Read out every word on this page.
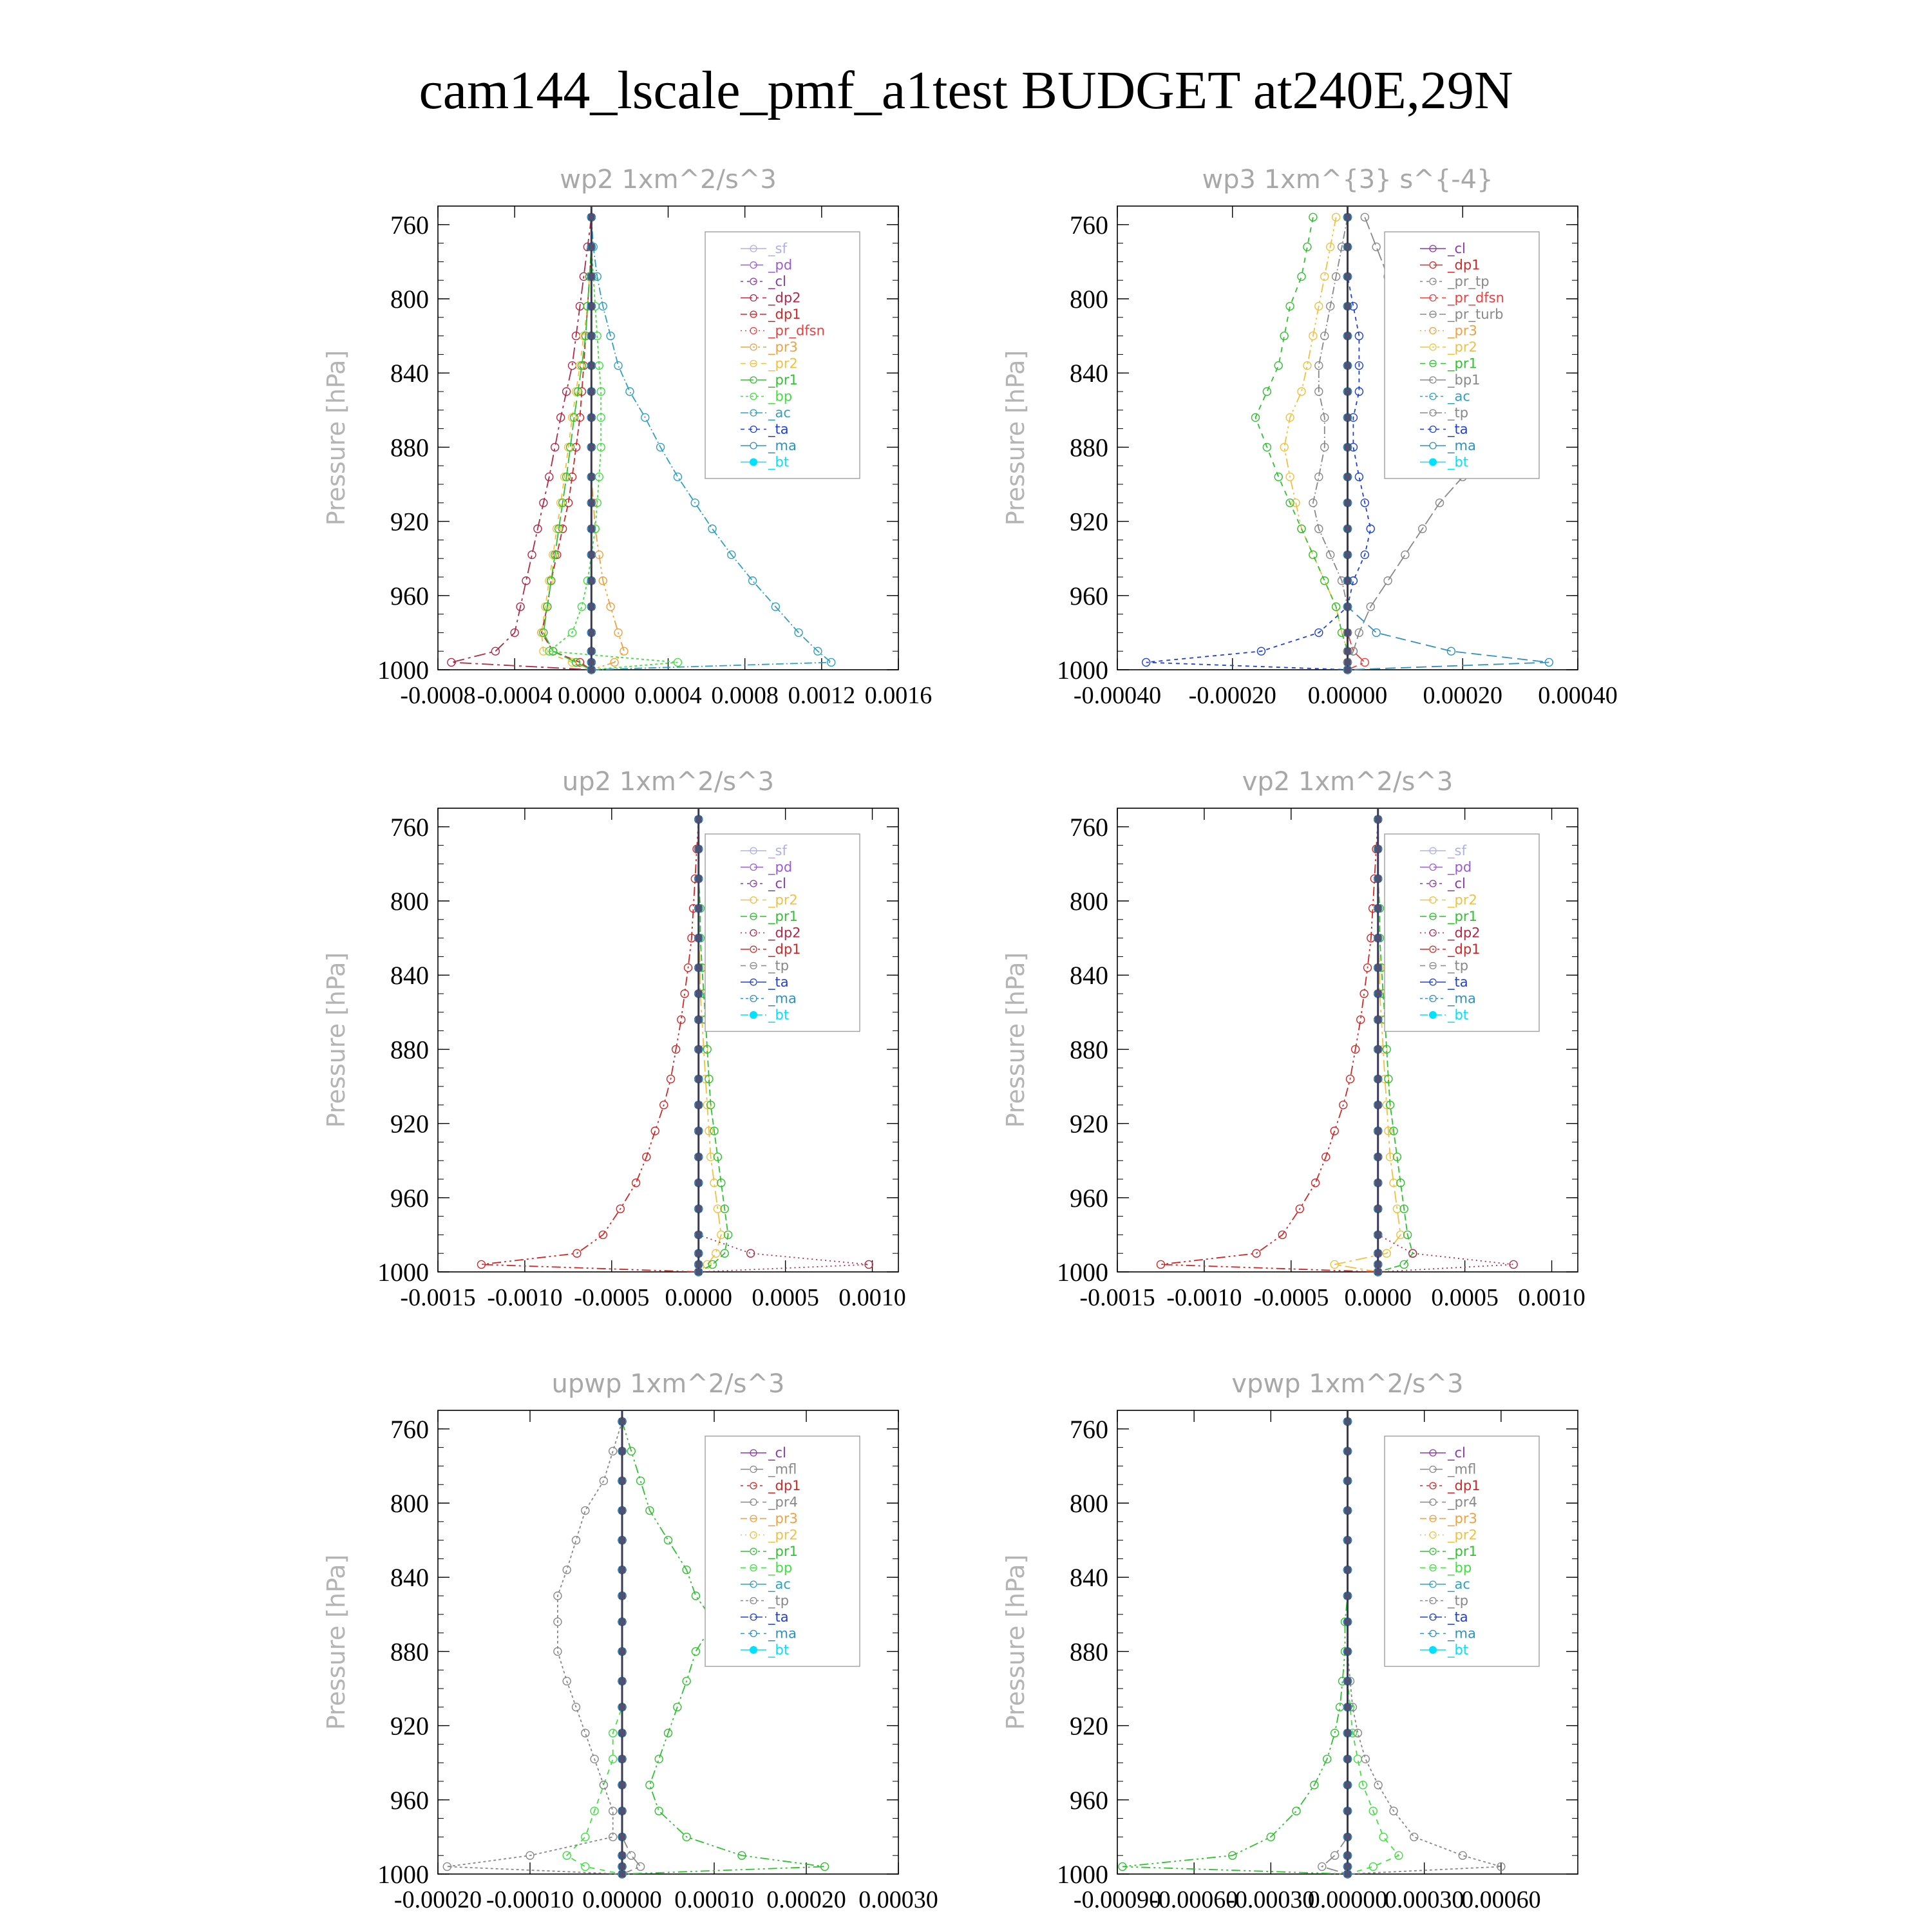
cam144_lscale_pmf_a1test BUDGET at240E,29N
wp2 1xm^2/s^3
Pressure [hPa]
760
800
840
880
920
960
1000
-0.0008 -0.0004 0.0000 0.0004 0.0008 0.0012 0.0016
_sf
_pd
_cl
_dp2
_dp1
_pr_dfsn
_pr3
_pr2
_pr1
_bp
_ac
_ta
_ma
_bt
wp3 1xm^{3} s^{-4}
Pressure [hPa]
760
800
840
880
920
960
1000
-0.00040 -0.00020 0.00000 0.00020 0.00040
_cl
_dp1
_pr_tp
_pr_dfsn
_pr_turb
_pr3
_pr2
_pr1
_bp1
_ac
_tp
_ta
_ma
_bt
up2 1xm^2/s^3
Pressure [hPa]
760
800
840
880
920
960
1000
-0.0015 -0.0010 -0.0005 0.0000 0.0005 0.0010
_sf
_pd
_cl
_pr2
_pr1
_dp2
_dp1
_tp
_ta
_ma
_bt
vp2 1xm^2/s^3
Pressure [hPa]
760
800
840
880
920
960
1000
-0.0015 -0.0010 -0.0005 0.0000 0.0005 0.0010
_sf
_pd
_cl
_pr2
_pr1
_dp2
_dp1
_tp
_ta
_ma
_bt
upwp 1xm^2/s^3
Pressure [hPa]
760
800
840
880
920
960
1000
-0.00020 -0.00010 0.00000 0.00010 0.00020 0.00030
_cl
_mfl
_dp1
_pr4
_pr3
_pr2
_pr1
_bp
_ac
_tp
_ta
_ma
_bt
vpwp 1xm^2/s^3
Pressure [hPa]
760
800
840
880
920
960
1000
-0.00090
-0.00060
-0.00030
0.00000
0.00030
0.00060
_cl
_mfl
_dp1
_pr4
_pr3
_pr2
_pr1
_bp
_ac
_tp
_ta
_ma
_bt
